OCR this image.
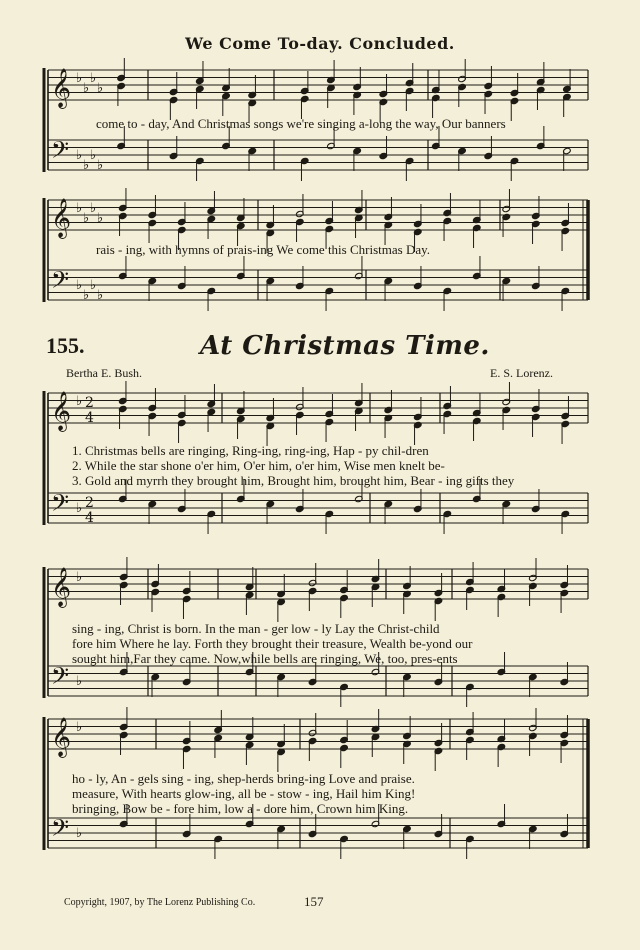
𝄞
𝄢
♭
♭
♭
♭
♭
♭
♭
♭
𝄞
𝄢
♭
♭
♭
♭
♭
♭
♭
♭
𝄞
𝄢
♭
♭
2
4
2
4
𝄞
𝄢
♭
♭
𝄞
𝄢
♭
♭
We Come To-day. Concluded.
come to - day, And Christmas songs we're singing a-long the way, Our banners
rais - ing, with hymns of prais-ing We come this Christmas Day.
155.	At Christmas Time.
Bertha E. Bush.	E. S. Lorenz.
1. Christmas bells are ringing, Ring-ing, ring-ing, Hap - py chil-dren
2. While the star shone o'er him, O'er him, o'er him, Wise men knelt be-
3. Gold and myrrh they brought him, Brought him, brought him, Bear - ing gifts they
sing - ing, Christ is born. In the man - ger low - ly Lay the Christ-child
fore him Where he lay. Forth they brought their treasure, Wealth be-yond our
sought him,Far they came. Now,while bells are ringing, We, too, pres-ents
ho - ly, An - gels sing - ing, shep-herds bring-ing Love and praise.
measure, With hearts glow-ing, all be - stow - ing, Hail him King!
bringing, Bow be - fore him, low a - dore him, Crown him King.
Copyright, 1907, by The Lorenz Publishing Co.	157
